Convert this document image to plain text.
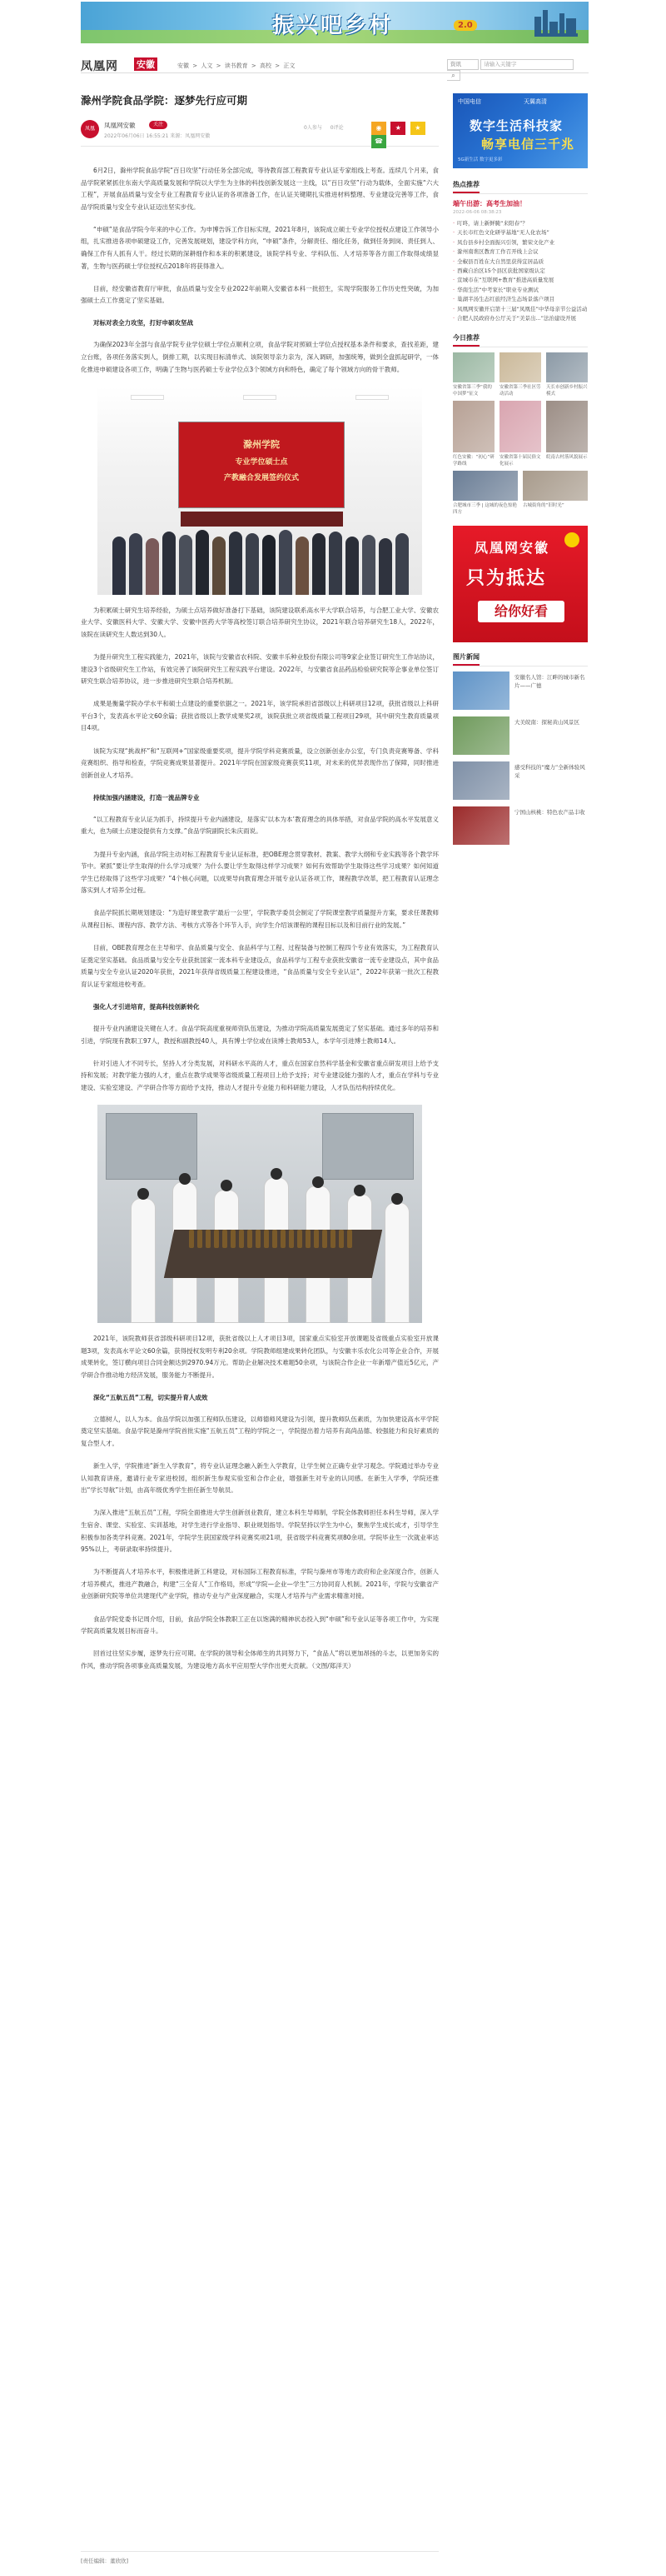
振兴吧乡村	2.0
凤凰网 安徽	安徽 > 人文 > 读书教育 > 高校 > 正文	资讯	请输入关键字 ⌕
滁州学院食品学院：逐梦先行应可期
凤凰	凤凰网安徽	关注
2022年06月06日 16:55:21 来源：凤凰网安徽
0人参与 0评论	◉ ★ ★ ☎

6月2日，滁州学院食品学院“百日攻坚”行动任务全部完成，等待教育部工程教育专业认证专家组线上考查。连续几个月来，食品学院紧紧抓住东南大学高质量发展和学院以大学生为主体的科技创新发展这一主线，以“百日攻坚”行动为载体，全面实施“六大工程”，开展食品质量与安全专业工程教育专业认证的各项准备工作，在认证关键期扎实推进材料整理、专业建设完善等工作，食品学院质量与安全专业认证迈出坚实步伐。

“申硕”是食品学院今年来的中心工作。为申博告诉工作目标实现，2021年8月，该院成立硕士专业学位授权点建设工作领导小组，扎实推进各项申硕建设工作，完善发展规划，建设学科方向，“申硕”条件，分解责任、细化任务，做到任务到岗、责任到人、确保工作有人抓有人干。经过长期的深耕细作和本来的积累建设，该院学科专业、学科队伍、人才培养等各方面工作取得成绩显著，生物与医药硕士学位授权点2018年将获得准入。

目前，经安徽省教育厅审批，食品质量与安全专业2022年前期入安徽省本科一批招生，实现学院服务工作历史性突破，为加强硕士点工作奠定了坚实基础。

对标对表全力攻坚，打好申硕攻坚战

为确保2023年全部与食品学院专业学位硕士学位点顺利立项，食品学院对照硕士学位点授权基本条件和要求，查找差距，建立台账，各项任务落实到人，倒排工期，以实现目标清单式、该院领导亲力亲为，深入调研，加强统筹，做到全盘抓起研学，一体化推进申硕建设各项工作，明确了生物与医药硕士专业学位点3个领域方向和特色，确定了每个领域方向的骨干教师。

滁州学院
专业学位硕士点
产教融合发展签约仪式

为积累硕士研究生培养经验，为硕士点培养做好准备打下基础，该院建设联系高水平大学联合培养，与合肥工业大学、安徽农业大学、安徽医科大学、安徽大学、安徽中医药大学等高校签订联合培养研究生协议，2021年联合培养研究生18人，2022年，该院在读研究生人数达到30人。

为提升研究生工程实践能力，2021年，该院与安徽省农科院、安徽丰乐种业股份有限公司等9家企业签订研究生工作站协议，建设3个省级研究生工作站，有效完善了该院研究生工程实践平台建设。2022年，与安徽省食品药品检验研究院等企事业单位签订研究生联合培养协议，进一步推进研究生联合培养机制。

成果是衡量学院办学水平和硕士点建设的重要依据之一。2021年，该学院承担省部级以上科研项目12项，获批省级以上科研平台3个，发表高水平论文60余篇；获批省级以上教学成果奖2项，该院获批立项省级质量工程项目29项，其中研究生教育质量项目4项。

该院为实现“挑战杯”和“互联网+”国家级重要奖项，提升学院学科竞赛质量，设立创新创业办公室，专门负责竞赛筹备、学科竞赛组织、指导和检查，学院竞赛成果显著提升。2021年学院在国家级竞赛获奖11项，对未来的优异表现作出了保障，同时推进创新创业人才培养。

持续加强内涵建设，打造一流品牌专业

“以工程教育专业认证为抓手，持续提升专业内涵建设，是落实‘以本为本’教育理念的具体举措，对食品学院的高水平发展意义重大，也为硕士点建设提供有力支撑。”食品学院副院长朱庆雨说。

为提升专业内涵，食品学院主动对标工程教育专业认证标准，把OBE理念贯穿教材、教案、教学大纲和专业实践等各个教学环节中。紧抓“要让学生取得的什么学习成果？为什么要让学生取得这样学习成果？如何有效帮助学生取得这些学习成果？如何知道学生已经取得了这些学习成果？”4个核心问题，以成果导向教育理念开展专业认证各项工作，课程教学改革，把工程教育认证理念落实到人才培养全过程。

食品学院抓长期规划建设：“为造好课堂教学‘最后一公里’，学院教学委员会制定了学院课堂教学质量提升方案，要求任课教师从课程目标、课程内容、教学方法、考核方式等各个环节入手，向学生介绍该课程的课程目标以及和目前行业的发展。”

目前，OBE教育理念在主导和学、食品质量与安全、食品科学与工程、过程装备与控制工程四个专业有效落实，为工程教育认证奠定坚实基础。食品质量与安全专业获批国家一流本科专业建设点，食品科学与工程专业获批安徽省一流专业建设点，其中食品质量与安全专业认证2020年获批，2021年获得省级质量工程建设推进，“食品质量与安全专业认证”，2022年获第一批次工程教育认证专家组进校考查。

强化人才引进培育，提高科技创新转化

提升专业内涵建设关键在人才。食品学院高度重视师资队伍建设，为推动学院高质量发展奠定了坚实基础。通过多年的培养和引进，学院现有教职工97人，教授和副教授40人，具有博士学位或在读博士教师53人，本学年引进博士教师14人。

针对引进人才不同专长，坚持人才分类发展，对科研水平高的人才，重点在国家自然科学基金和安徽省重点研发项目上给予支持和发展；对教学能力强的人才，重点在教学成果等省级质量工程项目上给予支持；对专业建设能力强的人才，重点在学科与专业建设、实验室建设、产学研合作等方面给予支持，推动人才提升专业能力和科研能力建设，人才队伍结构持续优化。

2021年，该院教师获省部级科研项目12项，获批省级以上人才项目3项，国家重点实验室开放课题及省级重点实验室开放课题3项，发表高水平论文60余篇，获得授权发明专利20余项。学院教师组建成果转化团队，与安徽丰乐农化公司等企业合作，开展成果转化，签订横向项目合同金额达到2970.94万元。帮助企业解决技术难题50余项，与该院合作企业一年新增产值近5亿元，产学研合作推动地方经济发展，服务能力不断提升。

深化“五航五员”工程，切实提升育人成效

立德树人，以人为本。食品学院以加强工程师队伍建设，以师德师风建设为引领，提升教师队伍素质，为加快建设高水平学院奠定坚实基础。食品学院是滁州学院首批实施“五航五员”工程的学院之一，学院提出着力培养有高尚品德、较强能力和良好素质的复合型人才。

新生入学，学院推进“新生入学教育”，将专业认证理念融入新生入学教育，让学生树立正确专业学习观念。学院通过举办专业认知教育讲座，邀请行业专家进校园，组织新生参观实验室和合作企业，增强新生对专业的认同感。在新生入学季，学院还推出“学长导航”计划，由高年级优秀学生担任新生导航员。

为深入推进“五航五员”工程，学院全面推进大学生创新创业教育，建立本科生导师制，学院全体教师担任本科生导师，深入学生宿舍、课堂、实验室、实训基地，对学生进行学业指导、职业规划指导。学院坚持以学生为中心，聚焦学生成长成才，引导学生积极参加各类学科竞赛。2021年，学院学生获国家级学科竞赛奖项21项，获省级学科竞赛奖项80余项。学院毕业生一次就业率达95%以上，考研录取率持续提升。

为不断提高人才培养水平，积极推进新工科建设，对标国际工程教育标准，学院与滁州市等地方政府和企业深度合作，创新人才培养模式，推进产教融合，构建“三全育人”工作格局，形成“学院—企业—学生”三方协同育人机制。2021年，学院与安徽省产业创新研究院等单位共建现代产业学院，推动专业与产业深度融合，实现人才培养与产业需求精准对接。

食品学院党委书记周介绍，目前，食品学院全体教职工正在以饱满的精神状态投入到“申硕”和专业认证等各项工作中，为实现学院高质量发展目标而奋斗。

回首过往坚实步履，逐梦先行应可期。在学院的领导和全体师生的共同努力下，“食品人”将以更加昂扬的斗志，以更加务实的作风，推动学院各项事业高质量发展，为建设地方高水平应用型大学作出更大贡献。（文图/郑洋天）

[责任编辑：董欣欣]
中国电信	天翼高清
数字生活科技家
畅享电信三千兆
5G新生活 数字更多彩
热点推荐
端午出游：高考生加油！
2022-06-06 08:38:23
· 叮咚，请上新鲜腌“来阳春”？
· 天长市红色文化研学基地“无人化农场”
· 凤台县乡村全面振兴引领，繁荣文化产业
· 滁州南谯区教育工作召开线上会议
· 全椒县百姓在大自然里获得宜居品质
· 西藏自治区15个县区获批国家级认定
· 宣城市在“互联网+教育”推进高质量发展
· 华南生活“中考家长”职业专业测试
· 巢湖半汤生态红旅经济生态场景落户项目
· 凤凰网安徽开启第十三届“凤凰佳”中华母亲节公益活动
· 合肥人民政府办公厅关于“美景出...”法治建设开展
今日推荐
安徽省第三季“我的中国梦”征文
安徽省第三季社区劳动活动
天长市创新乡村振兴模式
红色安徽：“初心”研学路线
安徽省第十届民俗文化展示
皖南古村落风貌展示
合肥城市三季 | 这城的夜色惊艳四方
古城街角的“旧时光”
凤凰网安徽
只为抵达
给你好看
图片新闻
安徽名人馆：江畔的城市新名片——广德
大美皖南：探秘黄山风景区
感受科技的“魔力”全新体验风采
宁国山核桃：特色农产品丰收
